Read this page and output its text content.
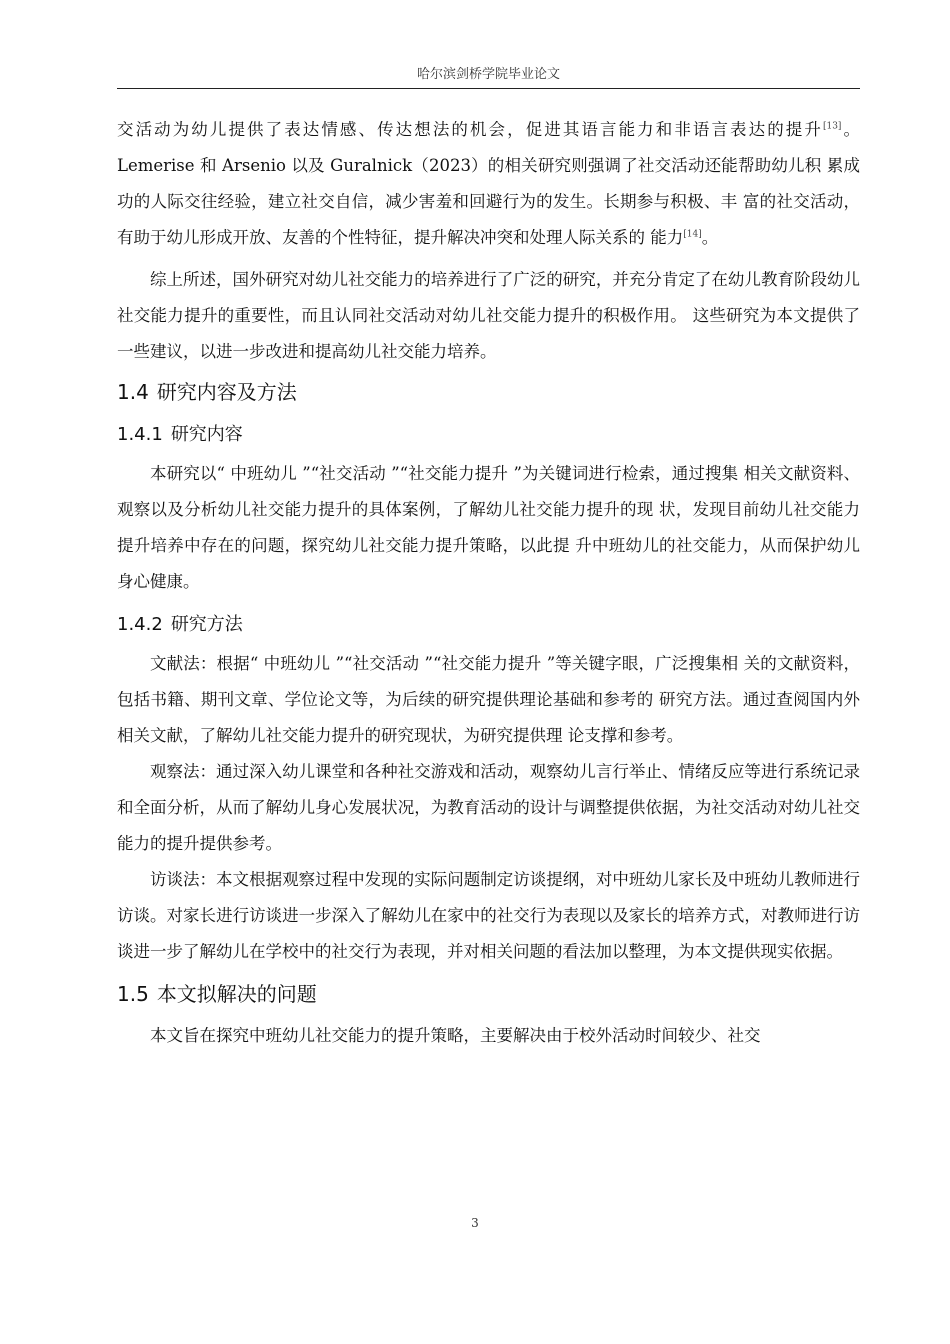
哈尔滨剑桥学院毕业论文

交活动为幼儿提供了表达情感、传达想法的机会，促进其语言能力和非语言表达的提升[13]。 Lemerise 和 Arsenio 以及 Guralnick（2023）的相关研究则强调了社交活动还能帮助幼儿积 累成功的人际交往经验，建立社交自信，减少害羞和回避行为的发生。长期参与积极、丰 富的社交活动，有助于幼儿形成开放、友善的个性特征，提升解决冲突和处理人际关系的 能力[14]。

综上所述，国外研究对幼儿社交能力的培养进行了广泛的研究，并充分肯定了在幼儿教育阶段幼儿社交能力提升的重要性，而且认同社交活动对幼儿社交能力提升的积极作用。 这些研究为本文提供了一些建议，以进一步改进和提高幼儿社交能力培养。

1.4 研究内容及方法
1.4.1 研究内容

本研究以“ 中班幼儿 ”“社交活动 ”“社交能力提升 ”为关键词进行检索，通过搜集 相关文献资料、观察以及分析幼儿社交能力提升的具体案例，了解幼儿社交能力提升的现 状，发现目前幼儿社交能力提升培养中存在的问题，探究幼儿社交能力提升策略，以此提 升中班幼儿的社交能力，从而保护幼儿身心健康。

1.4.2 研究方法

文献法：根据“ 中班幼儿 ”“社交活动 ”“社交能力提升 ”等关键字眼，广泛搜集相 关的文献资料，包括书籍、期刊文章、学位论文等，为后续的研究提供理论基础和参考的 研究方法。通过查阅国内外相关文献，了解幼儿社交能力提升的研究现状，为研究提供理 论支撑和参考。

观察法：通过深入幼儿课堂和各种社交游戏和活动，观察幼儿言行举止、情绪反应等进行系统记录和全面分析，从而了解幼儿身心发展状况，为教育活动的设计与调整提供依据，为社交活动对幼儿社交能力的提升提供参考。

访谈法：本文根据观察过程中发现的实际问题制定访谈提纲，对中班幼儿家长及中班幼儿教师进行访谈。对家长进行访谈进一步深入了解幼儿在家中的社交行为表现以及家长的培养方式，对教师进行访谈进一步了解幼儿在学校中的社交行为表现，并对相关问题的看法加以整理，为本文提供现实依据。

1.5 本文拟解决的问题

本文旨在探究中班幼儿社交能力的提升策略，主要解决由于校外活动时间较少、社交

3
